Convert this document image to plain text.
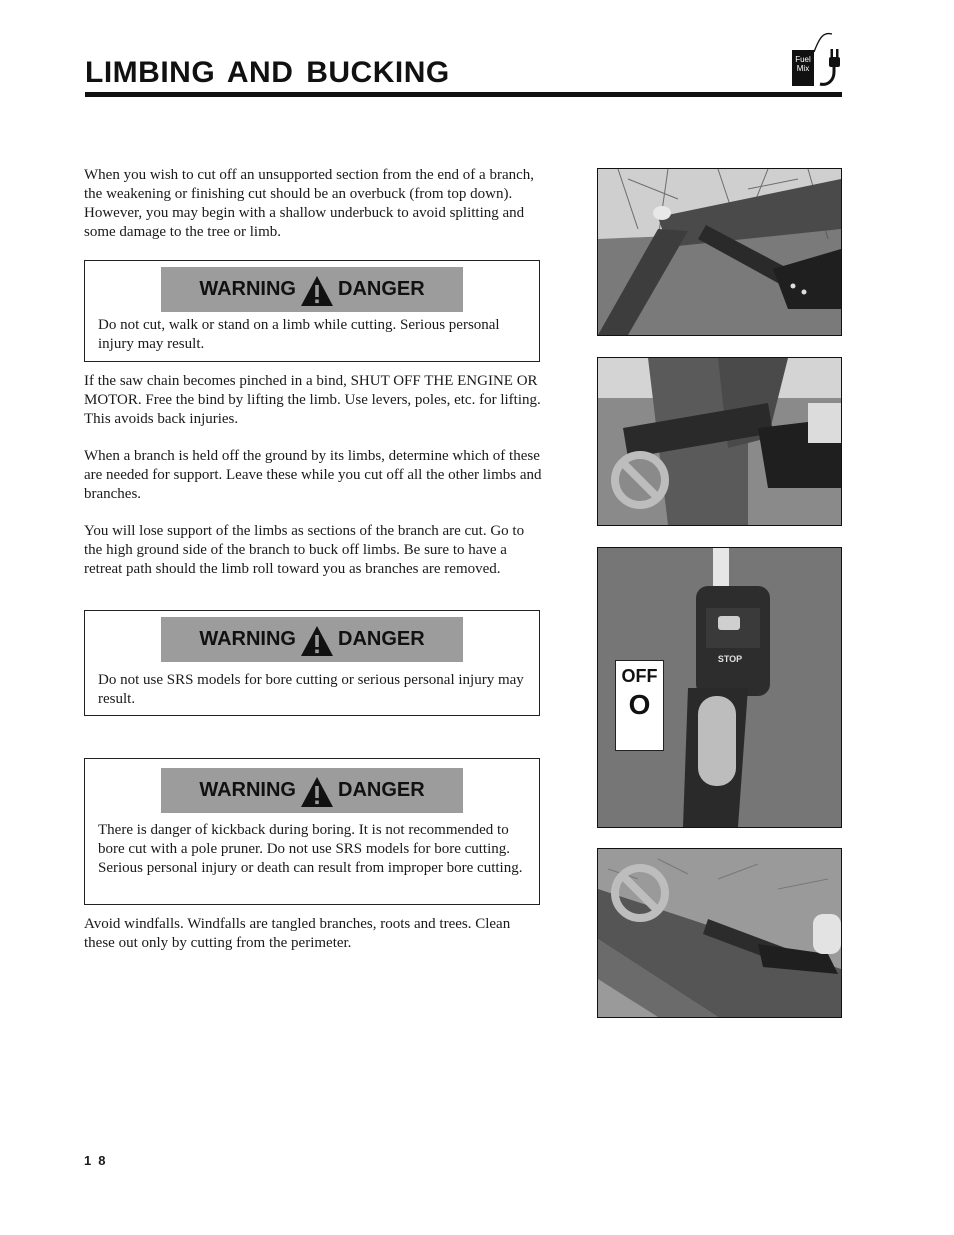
LIMBING AND BUCKING	Fuel
Mix

When you wish to cut off an unsupported section from the end of a branch, the weakening or finishing cut should be an overbuck (from top down). However, you may begin with a shallow underbuck to avoid splitting and some damage to the tree or limb.

WARNING DANGER

Do not cut, walk or stand on a limb while cutting. Serious personal injury may result.

If the saw chain becomes pinched in a bind, SHUT OFF THE ENGINE OR MOTOR. Free the bind by lifting the limb. Use levers, poles, etc. for lifting. This avoids back injuries.

When a branch is held off the ground by its limbs, determine which of these are needed for support. Leave these while you cut off all the other limbs and branches.

You will lose support of the limbs as sections of the branch are cut. Go to the high ground side of the branch to buck off limbs. Be sure to have a retreat path should the limb roll toward you as branches are removed.

WARNING DANGER

Do not use SRS models for bore cutting or serious personal injury may result.

WARNING DANGER

There is danger of kickback during boring. It is not recommended to bore cut with a pole pruner. Do not use SRS models for bore cutting. Serious personal injury or death can result from improper bore cutting.

Avoid windfalls. Windfalls are tangled branches, roots and trees. Clean these out only by cutting from the perimeter.

STOP
OFF
O

18
